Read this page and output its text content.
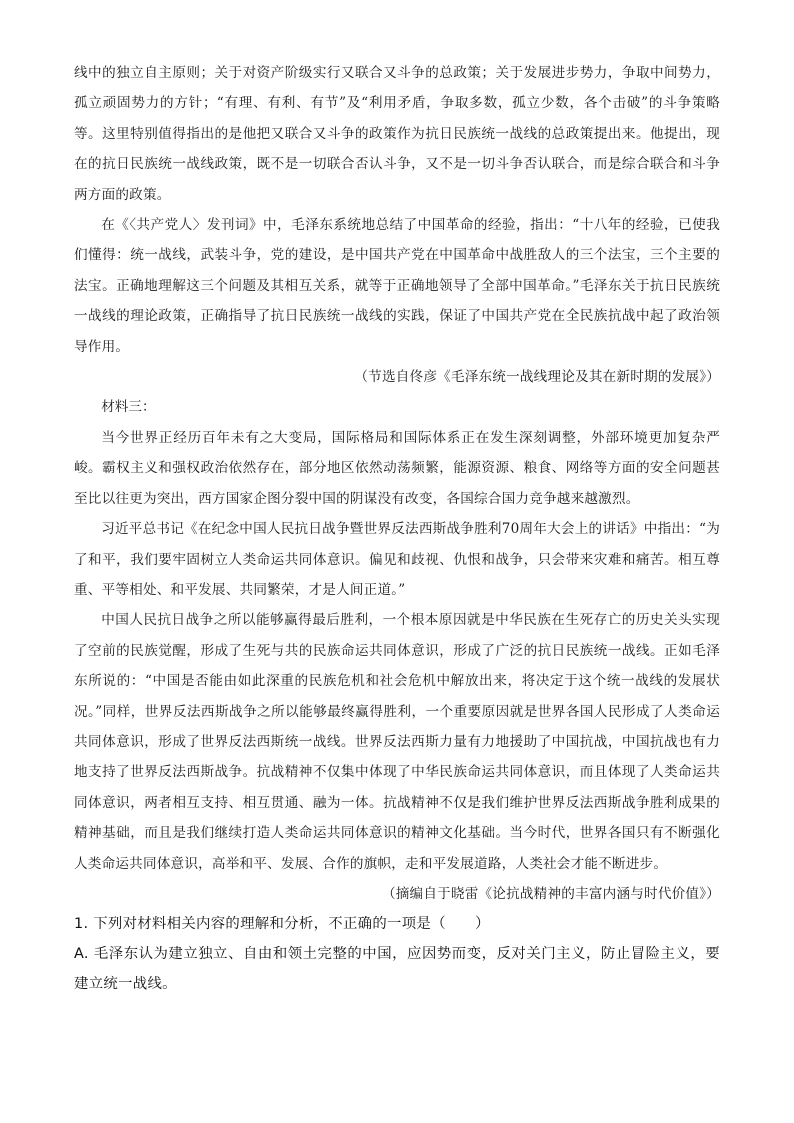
线中的独立自主原则；关于对资产阶级实行又联合又斗争的总政策；关于发展进步势力，争取中间势力，孤立顽固势力的方针；“有理、有利、有节”及“利用矛盾，争取多数，孤立少数，各个击破”的斗争策略等。这里特别值得指出的是他把又联合又斗争的政策作为抗日民族统一战线的总政策提出来。他提出，现在的抗日民族统一战线政策，既不是一切联合否认斗争，又不是一切斗争否认联合，而是综合联合和斗争两方面的政策。

在《〈共产党人〉发刊词》中，毛泽东系统地总结了中国革命的经验，指出：“十八年的经验，已使我们懂得：统一战线，武装斗争，党的建设，是中国共产党在中国革命中战胜敌人的三个法宝，三个主要的法宝。正确地理解这三个问题及其相互关系，就等于正确地领导了全部中国革命。”毛泽东关于抗日民族统一战线的理论政策，正确指导了抗日民族统一战线的实践，保证了中国共产党在全民族抗战中起了政治领导作用。

（节选自佟彦《毛泽东统一战线理论及其在新时期的发展》）

材料三：

当今世界正经历百年未有之大变局，国际格局和国际体系正在发生深刻调整，外部环境更加复杂严峻。霸权主义和强权政治依然存在，部分地区依然动荡频繁，能源资源、粮食、网络等方面的安全问题甚至比以往更为突出，西方国家企图分裂中国的阴谋没有改变，各国综合国力竞争越来越激烈。

习近平总书记《在纪念中国人民抗日战争暨世界反法西斯战争胜利70周年大会上的讲话》中指出：“为了和平，我们要牢固树立人类命运共同体意识。偏见和歧视、仇恨和战争，只会带来灾难和痛苦。相互尊重、平等相处、和平发展、共同繁荣，才是人间正道。”

中国人民抗日战争之所以能够赢得最后胜利，一个根本原因就是中华民族在生死存亡的历史关头实现了空前的民族觉醒，形成了生死与共的民族命运共同体意识，形成了广泛的抗日民族统一战线。正如毛泽东所说的：“中国是否能由如此深重的民族危机和社会危机中解放出来，将决定于这个统一战线的发展状况。”同样，世界反法西斯战争之所以能够最终赢得胜利，一个重要原因就是世界各国人民形成了人类命运共同体意识，形成了世界反法西斯统一战线。世界反法西斯力量有力地援助了中国抗战，中国抗战也有力地支持了世界反法西斯战争。抗战精神不仅集中体现了中华民族命运共同体意识，而且体现了人类命运共同体意识，两者相互支持、相互贯通、融为一体。抗战精神不仅是我们维护世界反法西斯战争胜利成果的精神基础，而且是我们继续打造人类命运共同体意识的精神文化基础。当今时代，世界各国只有不断强化人类命运共同体意识，高举和平、发展、合作的旗帜，走和平发展道路，人类社会才能不断进步。

（摘编自于晓雷《论抗战精神的丰富内涵与时代价值》）

1. 下列对材料相关内容的理解和分析，不正确的一项是（　　）

A. 毛泽东认为建立独立、自由和领土完整的中国，应因势而变，反对关门主义，防止冒险主义，要建立统一战线。
